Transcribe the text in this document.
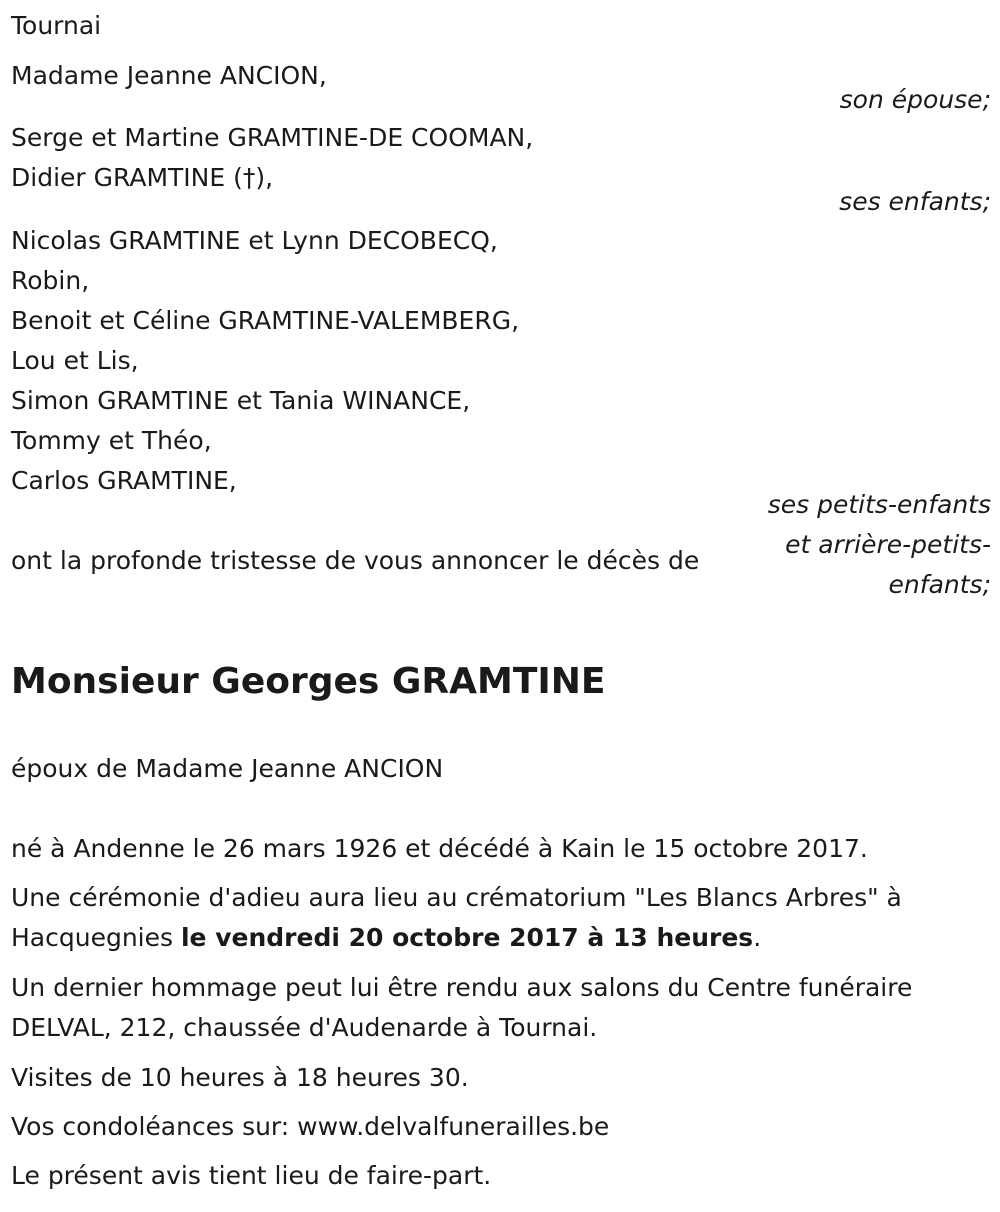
Tournai
Madame Jeanne ANCION,
son épouse;
Serge et Martine GRAMTINE-DE COOMAN,
Didier GRAMTINE (†),
ses enfants;
Nicolas GRAMTINE et Lynn DECOBECQ,
Robin,
Benoit et Céline GRAMTINE-VALEMBERG,
Lou et Lis,
Simon GRAMTINE et Tania WINANCE,
Tommy et Théo,
Carlos GRAMTINE,
ses petits-enfants
et arrière-petits-
enfants;
ont la profonde tristesse de vous annoncer le décès de
Monsieur Georges GRAMTINE
époux de Madame Jeanne ANCION
né à Andenne le 26 mars 1926 et décédé à Kain le 15 octobre 2017.
Une cérémonie d'adieu aura lieu au crématorium "Les Blancs Arbres" à Hacquegnies le vendredi 20 octobre 2017 à 13 heures.
Un dernier hommage peut lui être rendu aux salons du Centre funéraire DELVAL, 212, chaussée d'Audenarde à Tournai.
Visites de 10 heures à 18 heures 30.
Vos condoléances sur: www.delvalfunerailles.be
Le présent avis tient lieu de faire-part.
